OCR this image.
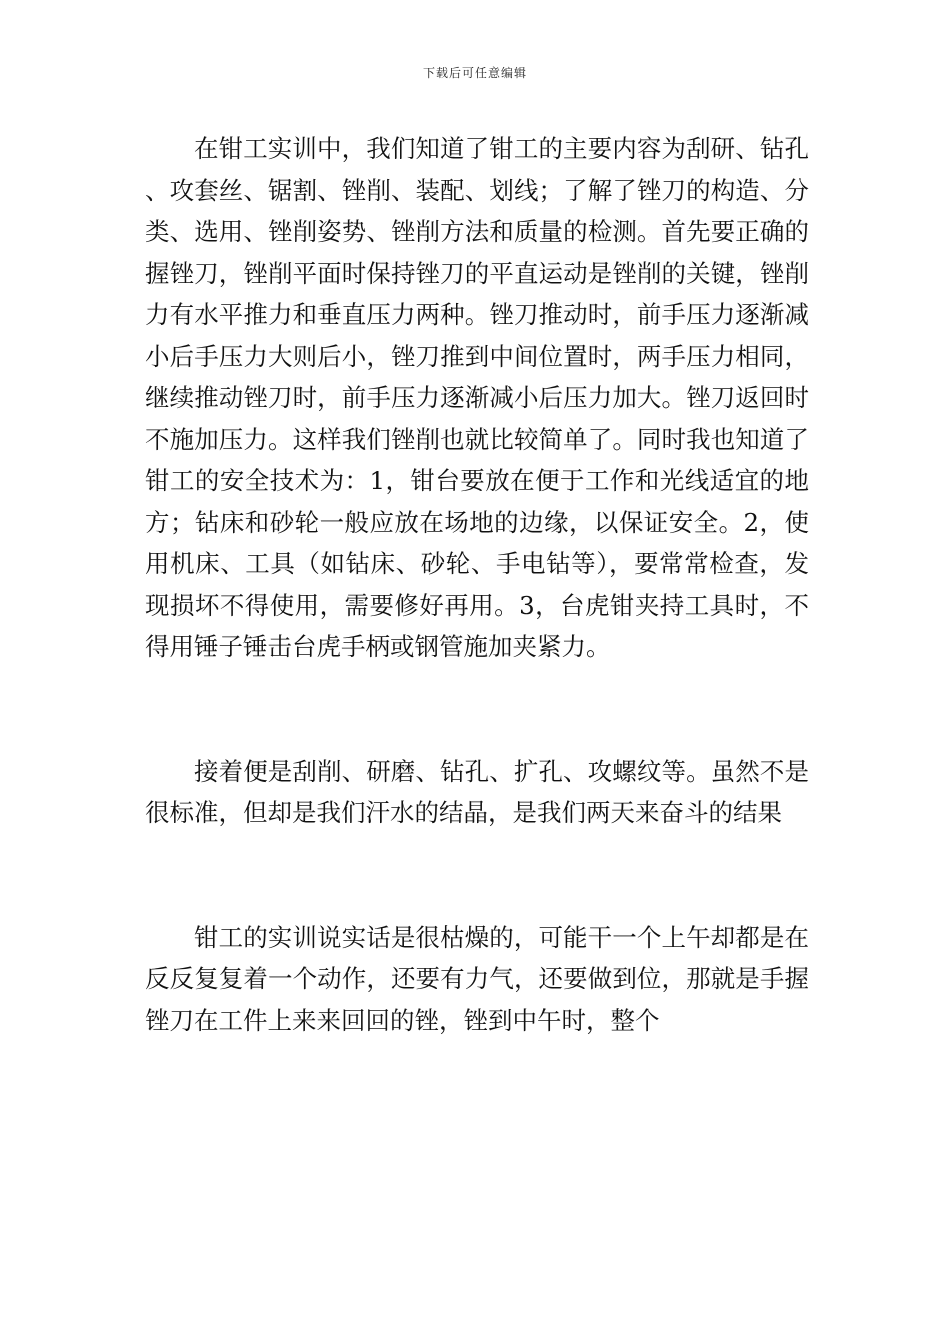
下载后可任意编辑

在钳工实训中，我们知道了钳工的主要内容为刮研、钻孔、攻套丝、锯割、锉削、装配、划线；了解了锉刀的构造、分类、选用、锉削姿势、锉削方法和质量的检测。首先要正确的握锉刀，锉削平面时保持锉刀的平直运动是锉削的关键，锉削力有水平推力和垂直压力两种。锉刀推动时，前手压力逐渐减小后手压力大则后小，锉刀推到中间位置时，两手压力相同，继续推动锉刀时，前手压力逐渐减小后压力加大。锉刀返回时不施加压力。这样我们锉削也就比较简单了。同时我也知道了钳工的安全技术为：1，钳台要放在便于工作和光线适宜的地方；钻床和砂轮一般应放在场地的边缘，以保证安全。2，使用机床、工具（如钻床、砂轮、手电钻等），要常常检查，发现损坏不得使用，需要修好再用。3，台虎钳夹持工具时，不得用锤子锤击台虎手柄或钢管施加夹紧力。

接着便是刮削、研磨、钻孔、扩孔、攻螺纹等。虽然不是很标准，但却是我们汗水的结晶，是我们两天来奋斗的结果

钳工的实训说实话是很枯燥的，可能干一个上午却都是在反反复复着一个动作，还要有力气，还要做到位，那就是手握锉刀在工件上来来回回的锉，锉到中午时，整个
